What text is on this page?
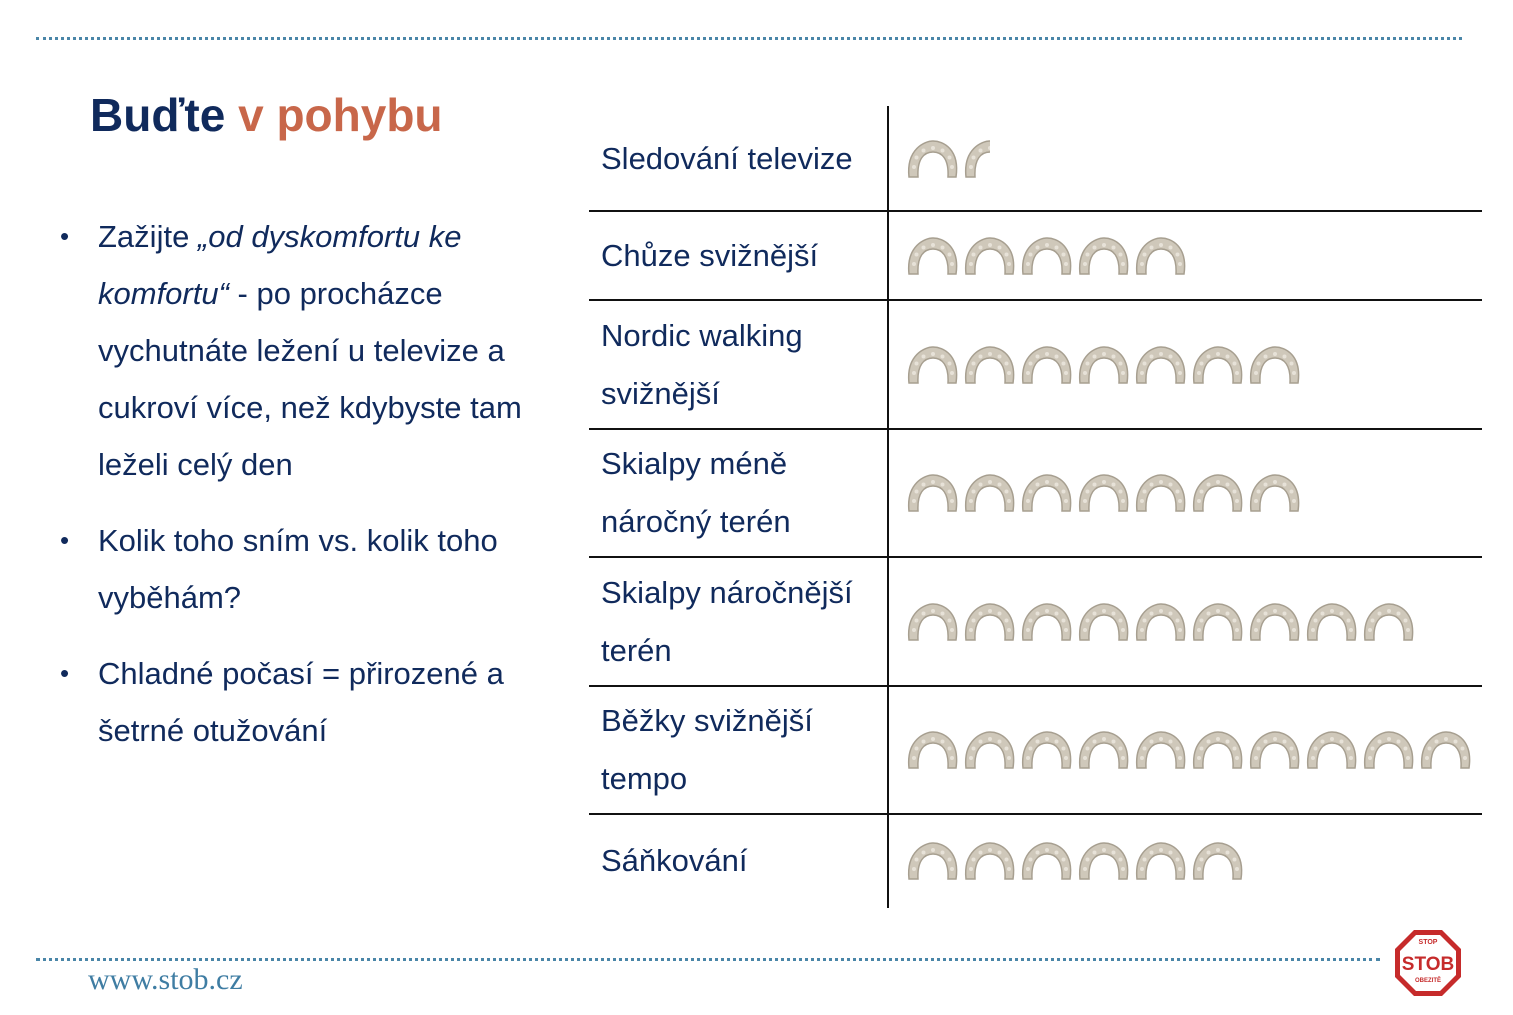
Buďte v pohybu
• Zažijte „od dyskomfortu ke komfortu“ - po procházce vychutnáte ležení u televize a cukroví více, než kdybyste tam leželi celý den
• Kolik toho sním vs. kolik toho vyběhám?
• Chladné počasí = přirozené a šetrné otužování
Sledování televize
Chůze svižnější
Nordic walking svižnější
Skialpy méně náročný terén
Skialpy náročnější terén
Běžky svižnější tempo
Sáňkování
www.stob.cz
STOP
STOB
OBEZITĚ
